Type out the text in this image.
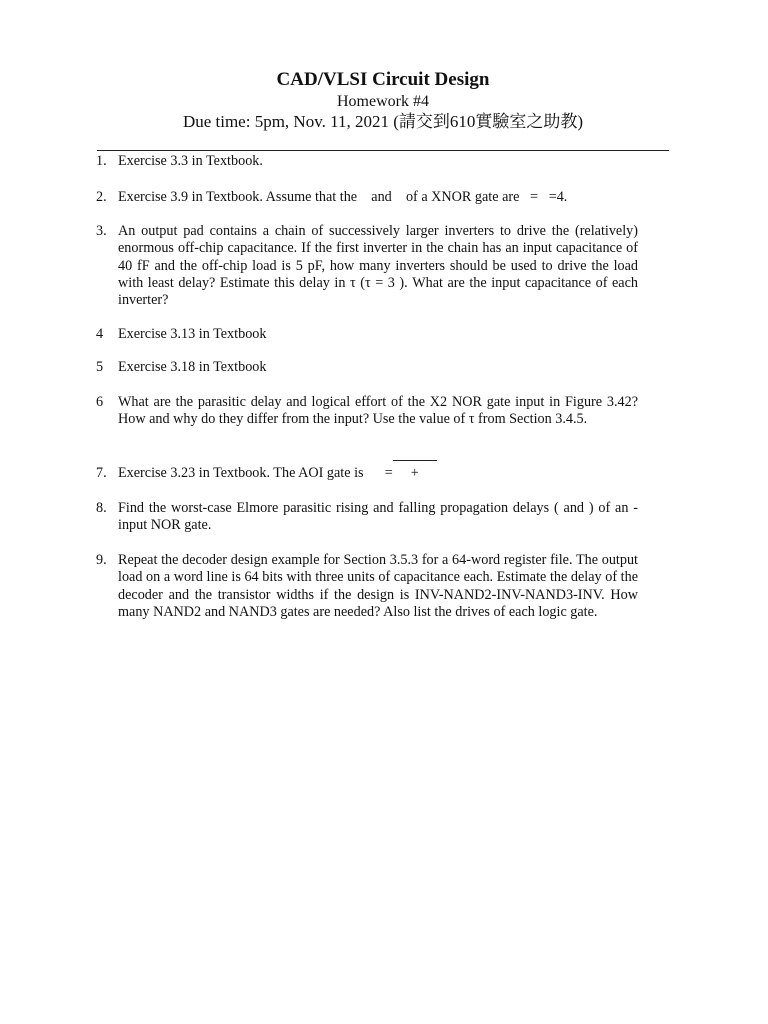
CAD/VLSI Circuit Design

Homework #4

Due time: 5pm, Nov. 11, 2021 (請交到610實驗室之助教)

1. Exercise 3.3 in Textbook.
2. Exercise 3.9 in Textbook. Assume that the    and    of a XNOR gate are   =   =4.
3. An output pad contains a chain of successively larger inverters to drive the (relatively) enormous off-chip capacitance. If the first inverter in the chain has an input capacitance of 40 fF and the off-chip load is 5 pF, how many inverters should be used to drive the load with least delay? Estimate this delay in τ (τ = 3 ). What are the input capacitance of each inverter?
4	Exercise 3.13 in Textbook
5	Exercise 3.18 in Textbook
6	What are the parasitic delay and logical effort of the X2 NOR gate input in Figure 3.42? How and why do they differ from the input? Use the value of τ from Section 3.4.5.
7. Exercise 3.23 in Textbook. The AOI gate is      = +
8. Find the worst-case Elmore parasitic rising and falling propagation delays ( and ) of an -input NOR gate.
9. Repeat the decoder design example for Section 3.5.3 for a 64-word register file. The output load on a word line is 64 bits with three units of capacitance each. Estimate the delay of the decoder and the transistor widths if the design is INV-NAND2-INV-NAND3-INV. How many NAND2 and NAND3 gates are needed? Also list the drives of each logic gate.
